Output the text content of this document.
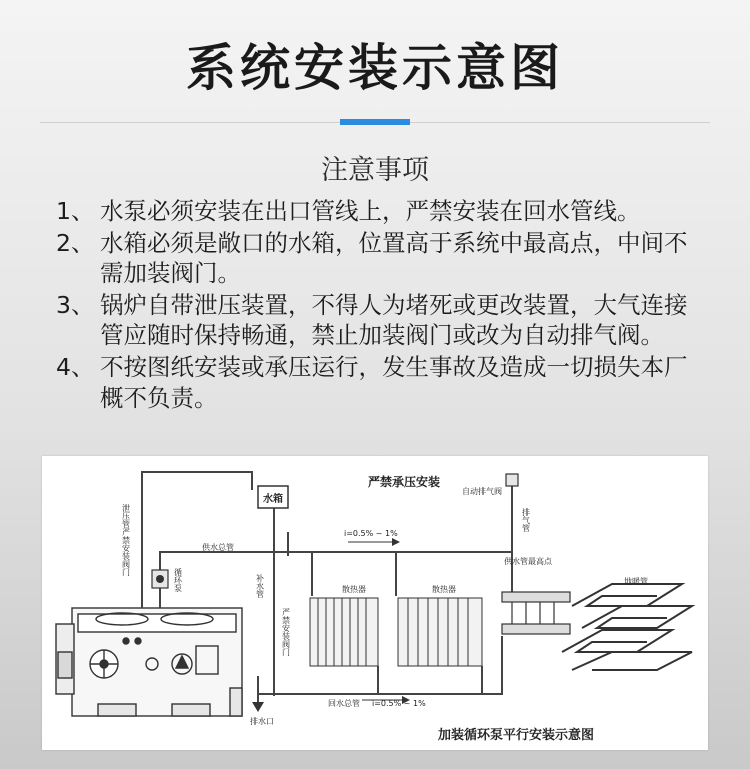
系统安装示意图
注意事项
1、 水泵必须安装在出口管线上，严禁安装在回水管线。
2、 水箱必须是敞口的水箱，位置高于系统中最高点，中间不需加装阀门。
3、 锅炉自带泄压装置，不得人为堵死或更改装置，大气连接管应随时保持畅通，禁止加装阀门或改为自动排气阀。
4、 不按图纸安装或承压运行，发生事故及造成一切损失本厂概不负责。
水箱
严禁承压安装
自动排气阀
供水总管
i=0.5% ~ 1%
散热器	散热器
供水管最高点
地暖管
回水总管 i=0.5% ~ 1%
排水口
加装循环泵平行安装示意图
泄压管严禁安装阀门
循环泵	补水管
严禁安装阀门
排气管
